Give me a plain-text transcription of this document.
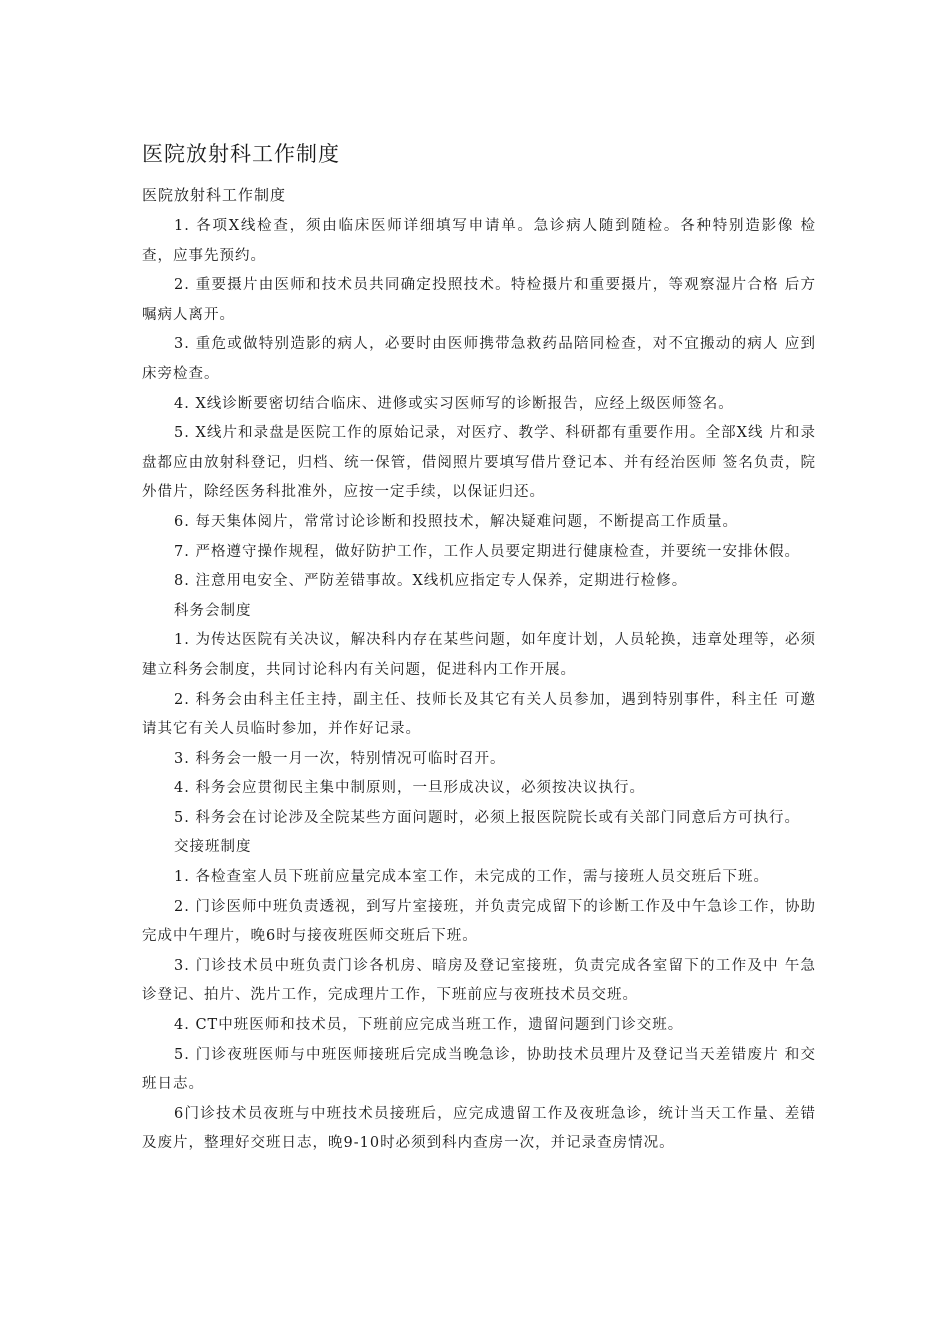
医院放射科工作制度
医院放射科工作制度

1. 各项X线检查，须由临床医师详细填写申请单。急诊病人随到随检。各种特别造影像 检查，应事先预约。

2. 重要摄片由医师和技术员共同确定投照技术。特检摄片和重要摄片，等观察湿片合格 后方嘱病人离开。

3. 重危或做特别造影的病人，必要时由医师携带急救药品陪同检查，对不宜搬动的病人 应到床旁检查。

4. X线诊断要密切结合临床、进修或实习医师写的诊断报告，应经上级医师签名。

5. X线片和录盘是医院工作的原始记录，对医疗、教学、科研都有重要作用。全部X线 片和录盘都应由放射科登记，归档、统一保管，借阅照片要填写借片登记本、并有经治医师 签名负责，院外借片，除经医务科批准外，应按一定手续，以保证归还。

6. 每天集体阅片，常常讨论诊断和投照技术，解决疑难问题，不断提高工作质量。

7. 严格遵守操作规程，做好防护工作，工作人员要定期进行健康检查，并要统一安排休假。

8. 注意用电安全、严防差错事故。X线机应指定专人保养，定期进行检修。

科务会制度

1. 为传达医院有关决议，解决科内存在某些问题，如年度计划，人员轮换，违章处理等，必须建立科务会制度，共同讨论科内有关问题，促进科内工作开展。

2. 科务会由科主任主持，副主任、技师长及其它有关人员参加，遇到特别事件，科主任 可邀请其它有关人员临时参加，并作好记录。

3. 科务会一般一月一次，特别情况可临时召开。

4. 科务会应贯彻民主集中制原则，一旦形成决议，必须按决议执行。

5. 科务会在讨论涉及全院某些方面问题时，必须上报医院院长或有关部门同意后方可执行。

交接班制度

1. 各检查室人员下班前应量完成本室工作，未完成的工作，需与接班人员交班后下班。

2. 门诊医师中班负责透视，到写片室接班，并负责完成留下的诊断工作及中午急诊工作，协助完成中午理片，晚6时与接夜班医师交班后下班。

3. 门诊技术员中班负责门诊各机房、暗房及登记室接班，负责完成各室留下的工作及中 午急诊登记、拍片、洗片工作，完成理片工作，下班前应与夜班技术员交班。

4. CT中班医师和技术员，下班前应完成当班工作，遗留问题到门诊交班。

5. 门诊夜班医师与中班医师接班后完成当晚急诊，协助技术员理片及登记当天差错废片 和交班日志。

6门诊技术员夜班与中班技术员接班后，应完成遗留工作及夜班急诊，统计当天工作量、差错及废片，整理好交班日志，晚9-10时必须到科内查房一次，并记录查房情况。
